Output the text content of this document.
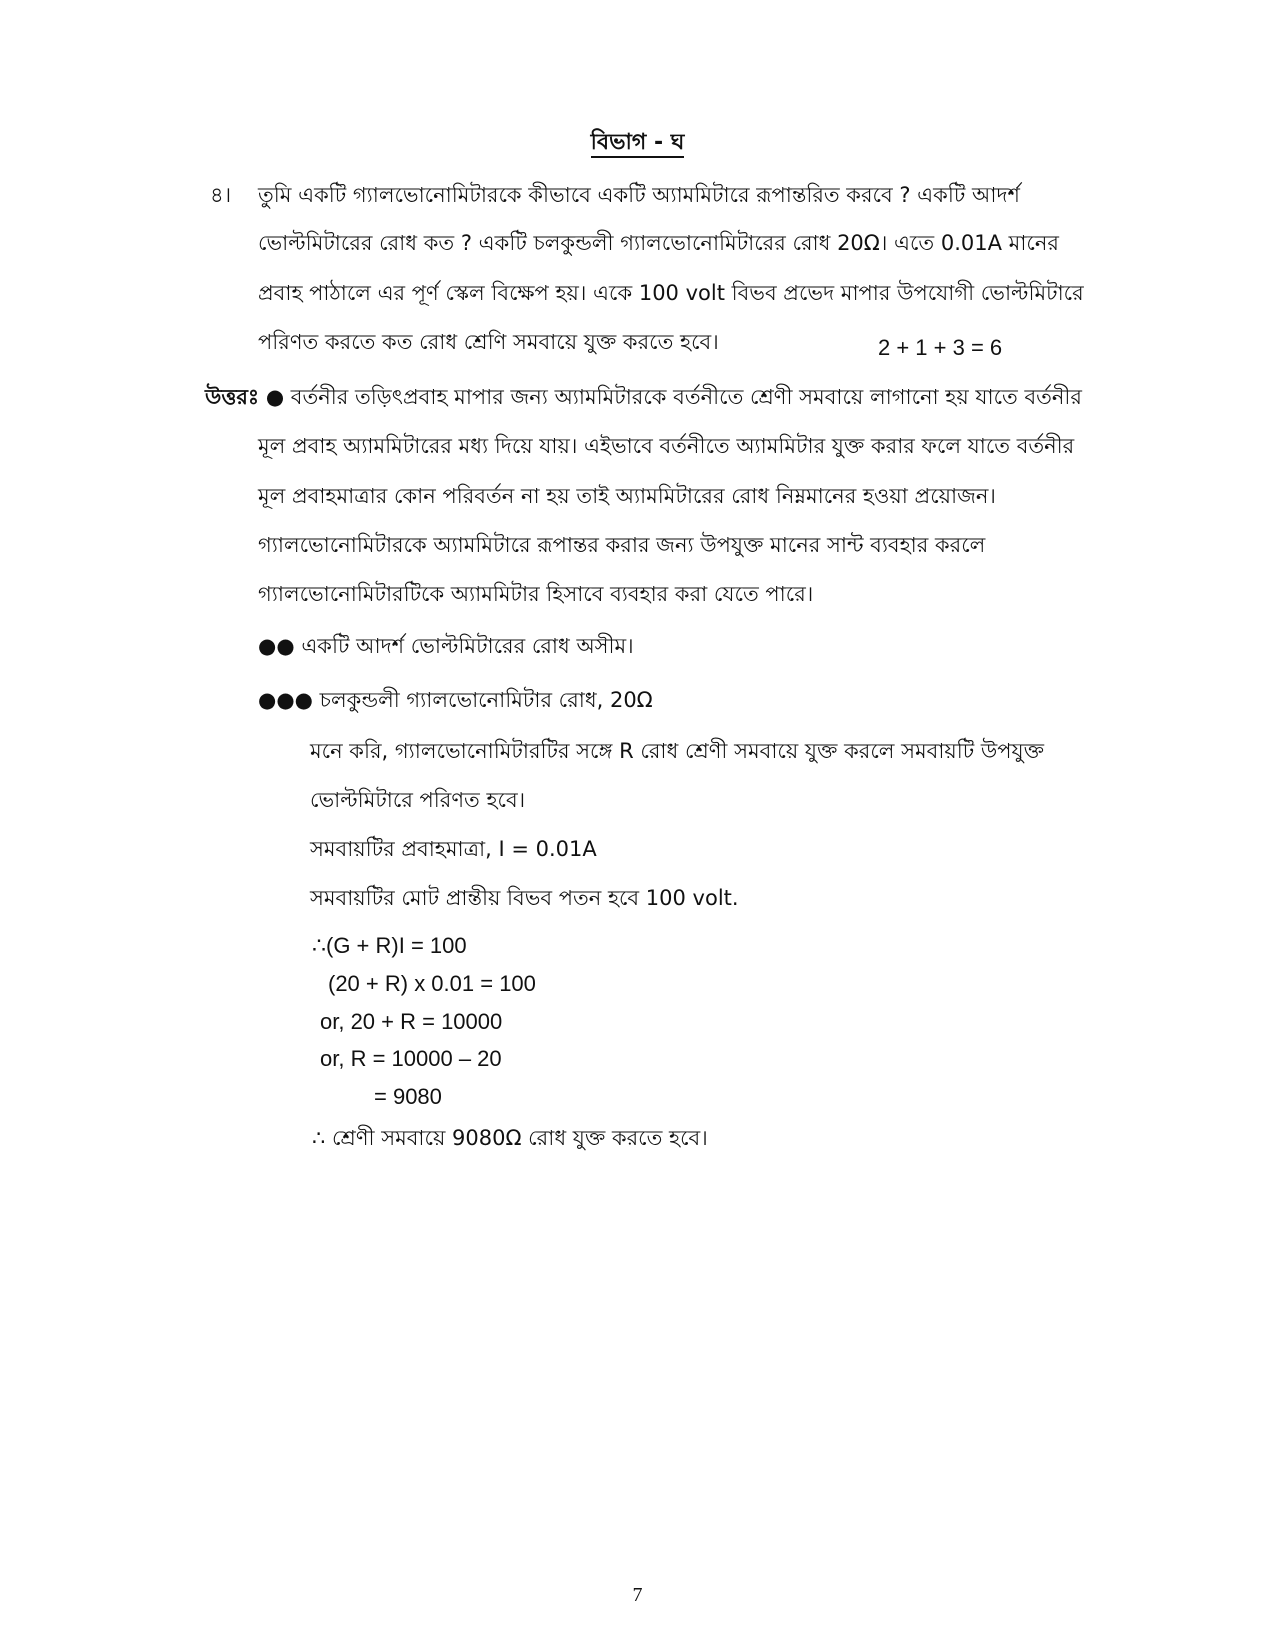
বিভাগ - ঘ
৪। তুমি একটি গ্যালভোনোমিটারকে কীভাবে একটি অ্যামমিটারে রূপান্তরিত করবে ? একটি আদর্শ
ভোল্টমিটারের রোধ কত ? একটি চলকুন্ডলী গ্যালভোনোমিটারের রোধ 20Ω। এতে 0.01A মানের
প্রবাহ পাঠালে এর পূর্ণ স্কেল বিক্ষেপ হয়। একে 100 volt বিভব প্রভেদ মাপার উপযোগী ভোল্টমিটারে
পরিণত করতে কত রোধ শ্রেণি সমবায়ে যুক্ত করতে হবে।	2 + 1 + 3 = 6
উত্তরঃ ● বর্তনীর তড়িৎপ্রবাহ মাপার জন্য অ্যামমিটারকে বর্তনীতে শ্রেণী সমবায়ে লাগানো হয় যাতে বর্তনীর
মূল প্রবাহ অ্যামমিটারের মধ্য দিয়ে যায়। এইভাবে বর্তনীতে অ্যামমিটার যুক্ত করার ফলে যাতে বর্তনীর
মূল প্রবাহমাত্রার কোন পরিবর্তন না হয় তাই অ্যামমিটারের রোধ নিম্নমানের হওয়া প্রয়োজন।
গ্যালভোনোমিটারকে অ্যামমিটারে রূপান্তর করার জন্য উপযুক্ত মানের সান্ট ব্যবহার করলে
গ্যালভোনোমিটারটিকে অ্যামমিটার হিসাবে ব্যবহার করা যেতে পারে।
●● একটি আদর্শ ভোল্টমিটারের রোধ অসীম।
●●● চলকুন্ডলী গ্যালভোনোমিটার রোধ, 20Ω
মনে করি, গ্যালভোনোমিটারটির সঙ্গে R রোধ শ্রেণী সমবায়ে যুক্ত করলে সমবায়টি উপযুক্ত
ভোল্টমিটারে পরিণত হবে।
সমবায়টির প্রবাহমাত্রা, I = 0.01A
সমবায়টির মোট প্রান্তীয় বিভব পতন হবে 100 volt.
∴(G + R)I = 100
(20 + R) x 0.01 = 100
or, 20 + R = 10000
or, R = 10000 – 20
= 9080
∴ শ্রেণী সমবায়ে 9080Ω রোধ যুক্ত করতে হবে।
7
